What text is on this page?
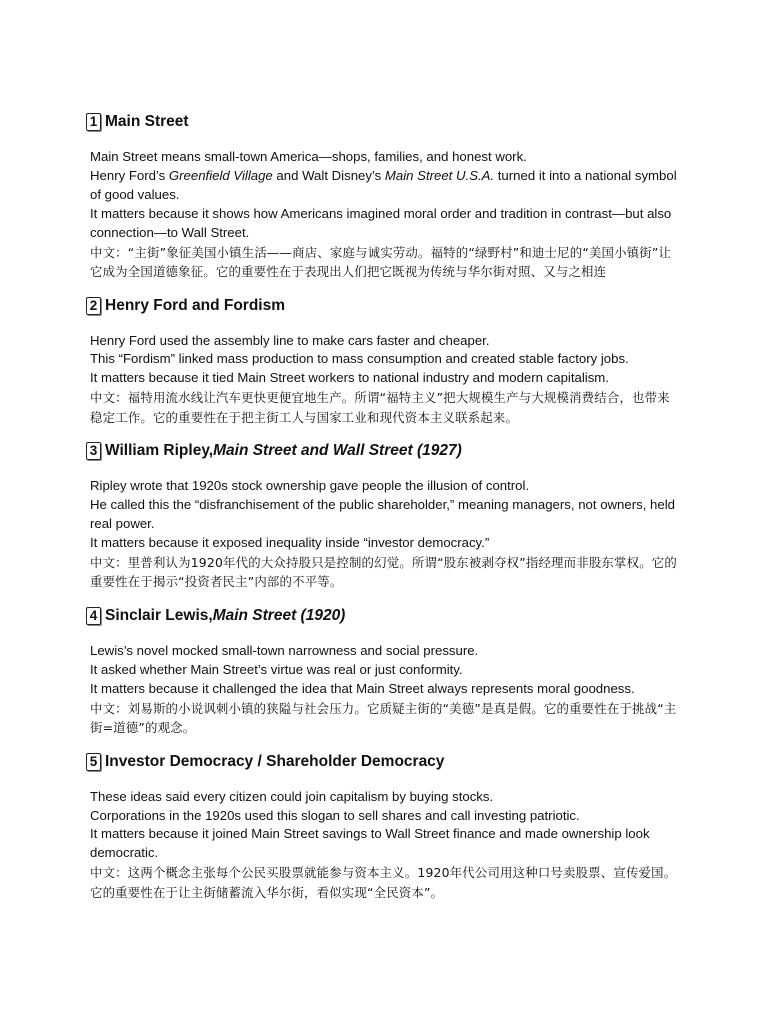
1 Main Street

Main Street means small-town America—shops, families, and honest work.

Henry Ford’s Greenfield Village and Walt Disney’s Main Street U.S.A. turned it into a national symbol of good values.

It matters because it shows how Americans imagined moral order and tradition in contrast—but also connection—to Wall Street.

中文：“主街”象征美国小镇生活——商店、家庭与诚实劳动。福特的“绿野村”和迪士尼的“美国小镇街”让它成为全国道德象征。它的重要性在于表现出人们把它既视为传统与华尔街对照、又与之相连

2 Henry Ford and Fordism

Henry Ford used the assembly line to make cars faster and cheaper.

This “Fordism” linked mass production to mass consumption and created stable factory jobs.

It matters because it tied Main Street workers to national industry and modern capitalism.

中文：福特用流水线让汽车更快更便宜地生产。所谓“福特主义”把大规模生产与大规模消费结合，也带来稳定工作。它的重要性在于把主街工人与国家工业和现代资本主义联系起来。

3 William Ripley, Main Street and Wall Street (1927)

Ripley wrote that 1920s stock ownership gave people the illusion of control.

He called this the “disfranchisement of the public shareholder,” meaning managers, not owners, held real power.

It matters because it exposed inequality inside “investor democracy.”

中文：里普利认为1920年代的大众持股只是控制的幻觉。所谓“股东被剥夺权”指经理而非股东掌权。它的重要性在于揭示“投资者民主”内部的不平等。

4 Sinclair Lewis, Main Street (1920)

Lewis’s novel mocked small-town narrowness and social pressure.

It asked whether Main Street’s virtue was real or just conformity.

It matters because it challenged the idea that Main Street always represents moral goodness.

中文：刘易斯的小说讽刺小镇的狭隘与社会压力。它质疑主街的“美德”是真是假。它的重要性在于挑战“主街=道德”的观念。

5 Investor Democracy / Shareholder Democracy

These ideas said every citizen could join capitalism by buying stocks.

Corporations in the 1920s used this slogan to sell shares and call investing patriotic.

It matters because it joined Main Street savings to Wall Street finance and made ownership look democratic.

中文：这两个概念主张每个公民买股票就能参与资本主义。1920年代公司用这种口号卖股票、宣传爱国。它的重要性在于让主街储蓄流入华尔街，看似实现“全民资本”。
